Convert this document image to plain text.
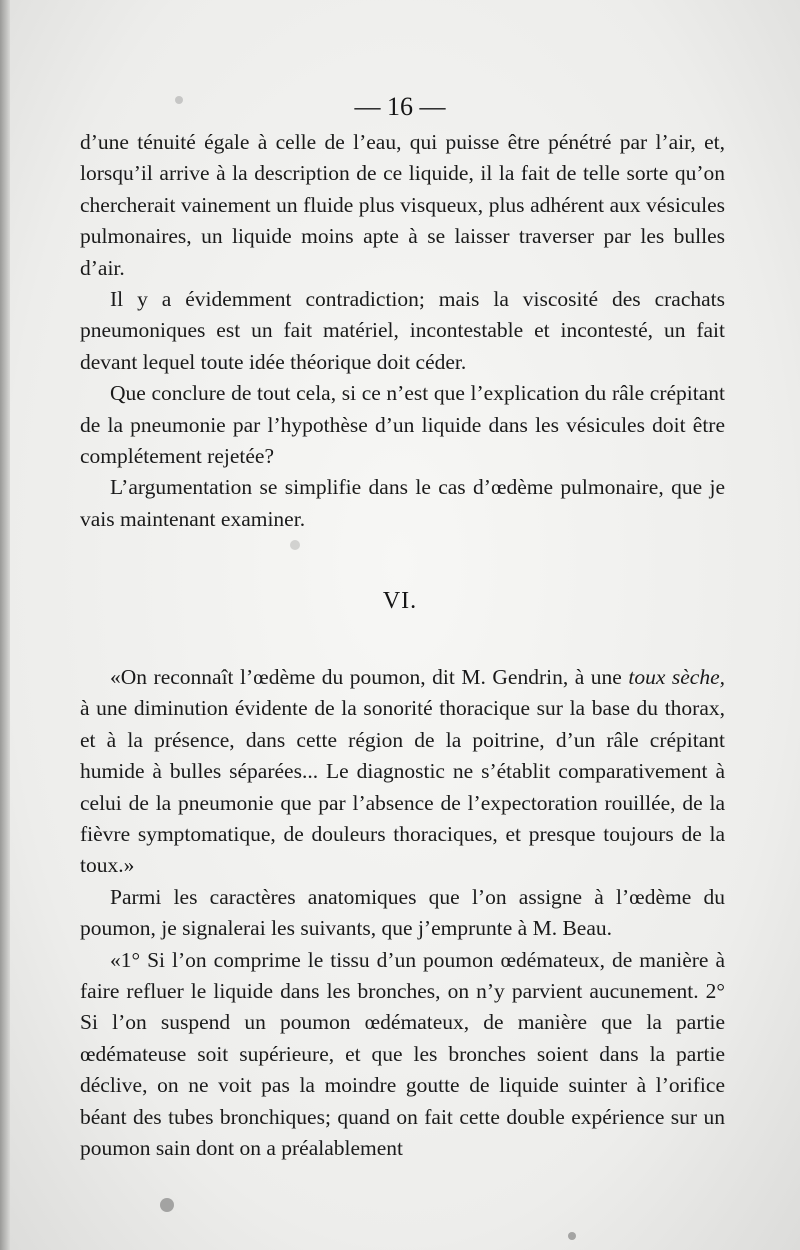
— 16 —

d’une ténuité égale à celle de l’eau, qui puisse être pénétré par l’air, et, lorsqu’il arrive à la description de ce liquide, il la fait de telle sorte qu’on chercherait vainement un fluide plus visqueux, plus adhérent aux vésicules pulmonaires, un liquide moins apte à se laisser traverser par les bulles d’air.

Il y a évidemment contradiction; mais la viscosité des crachats pneumoniques est un fait matériel, incontestable et incontesté, un fait devant lequel toute idée théorique doit céder.

Que conclure de tout cela, si ce n’est que l’explication du râle crépitant de la pneumonie par l’hypothèse d’un liquide dans les vésicules doit être complétement rejetée?

L’argumentation se simplifie dans le cas d’œdème pulmonaire, que je vais maintenant examiner.

VI.

«On reconnaît l’œdème du poumon, dit M. Gendrin, à une toux sèche, à une diminution évidente de la sonorité thoracique sur la base du thorax, et à la présence, dans cette région de la poitrine, d’un râle crépitant humide à bulles séparées... Le diagnostic ne s’établit comparativement à celui de la pneumonie que par l’absence de l’expectoration rouillée, de la fièvre symptomatique, de douleurs thoraciques, et presque toujours de la toux.»

Parmi les caractères anatomiques que l’on assigne à l’œdème du poumon, je signalerai les suivants, que j’emprunte à M. Beau.

«1° Si l’on comprime le tissu d’un poumon œdémateux, de manière à faire refluer le liquide dans les bronches, on n’y parvient aucunement. 2° Si l’on suspend un poumon œdémateux, de manière que la partie œdémateuse soit supérieure, et que les bronches soient dans la partie déclive, on ne voit pas la moindre goutte de liquide suinter à l’orifice béant des tubes bronchiques; quand on fait cette double expérience sur un poumon sain dont on a préalablement
